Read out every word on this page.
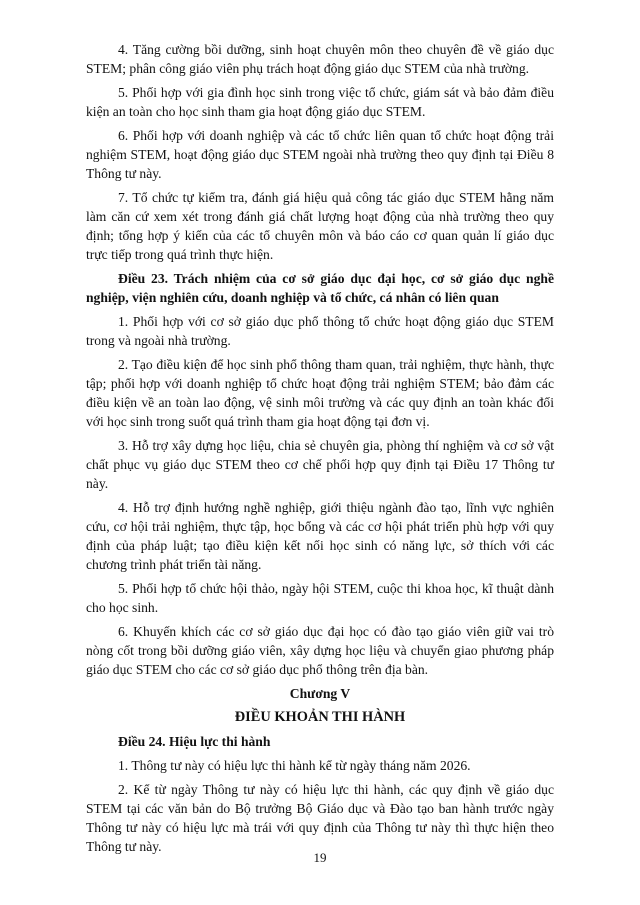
4. Tăng cường bồi dưỡng, sinh hoạt chuyên môn theo chuyên đề về giáo dục STEM; phân công giáo viên phụ trách hoạt động giáo dục STEM của nhà trường.

5. Phối hợp với gia đình học sinh trong việc tổ chức, giám sát và bảo đảm điều kiện an toàn cho học sinh tham gia hoạt động giáo dục STEM.

6. Phối hợp với doanh nghiệp và các tổ chức liên quan tổ chức hoạt động trải nghiệm STEM, hoạt động giáo dục STEM ngoài nhà trường theo quy định tại Điều 8 Thông tư này.

7. Tổ chức tự kiểm tra, đánh giá hiệu quả công tác giáo dục STEM hằng năm làm căn cứ xem xét trong đánh giá chất lượng hoạt động của nhà trường theo quy định; tổng hợp ý kiến của các tổ chuyên môn và báo cáo cơ quan quản lí giáo dục trực tiếp trong quá trình thực hiện.

Điều 23. Trách nhiệm của cơ sở giáo dục đại học, cơ sở giáo dục nghề nghiệp, viện nghiên cứu, doanh nghiệp và tổ chức, cá nhân có liên quan

1. Phối hợp với cơ sở giáo dục phổ thông tổ chức hoạt động giáo dục STEM trong và ngoài nhà trường.

2. Tạo điều kiện để học sinh phổ thông tham quan, trải nghiệm, thực hành, thực tập; phối hợp với doanh nghiệp tổ chức hoạt động trải nghiệm STEM; bảo đảm các điều kiện về an toàn lao động, vệ sinh môi trường và các quy định an toàn khác đối với học sinh trong suốt quá trình tham gia hoạt động tại đơn vị.

3. Hỗ trợ xây dựng học liệu, chia sẻ chuyên gia, phòng thí nghiệm và cơ sở vật chất phục vụ giáo dục STEM theo cơ chế phối hợp quy định tại Điều 17 Thông tư này.

4. Hỗ trợ định hướng nghề nghiệp, giới thiệu ngành đào tạo, lĩnh vực nghiên cứu, cơ hội trải nghiệm, thực tập, học bổng và các cơ hội phát triển phù hợp với quy định của pháp luật; tạo điều kiện kết nối học sinh có năng lực, sở thích với các chương trình phát triển tài năng.

5. Phối hợp tổ chức hội thảo, ngày hội STEM, cuộc thi khoa học, kĩ thuật dành cho học sinh.

6. Khuyến khích các cơ sở giáo dục đại học có đào tạo giáo viên giữ vai trò nòng cốt trong bồi dưỡng giáo viên, xây dựng học liệu và chuyển giao phương pháp giáo dục STEM cho các cơ sở giáo dục phổ thông trên địa bàn.

Chương V

ĐIỀU KHOẢN THI HÀNH

Điều 24. Hiệu lực thi hành

1. Thông tư này có hiệu lực thi hành kể từ ngày tháng năm 2026.

2. Kể từ ngày Thông tư này có hiệu lực thi hành, các quy định về giáo dục STEM tại các văn bản do Bộ trưởng Bộ Giáo dục và Đào tạo ban hành trước ngày Thông tư này có hiệu lực mà trái với quy định của Thông tư này thì thực hiện theo Thông tư này.

19
